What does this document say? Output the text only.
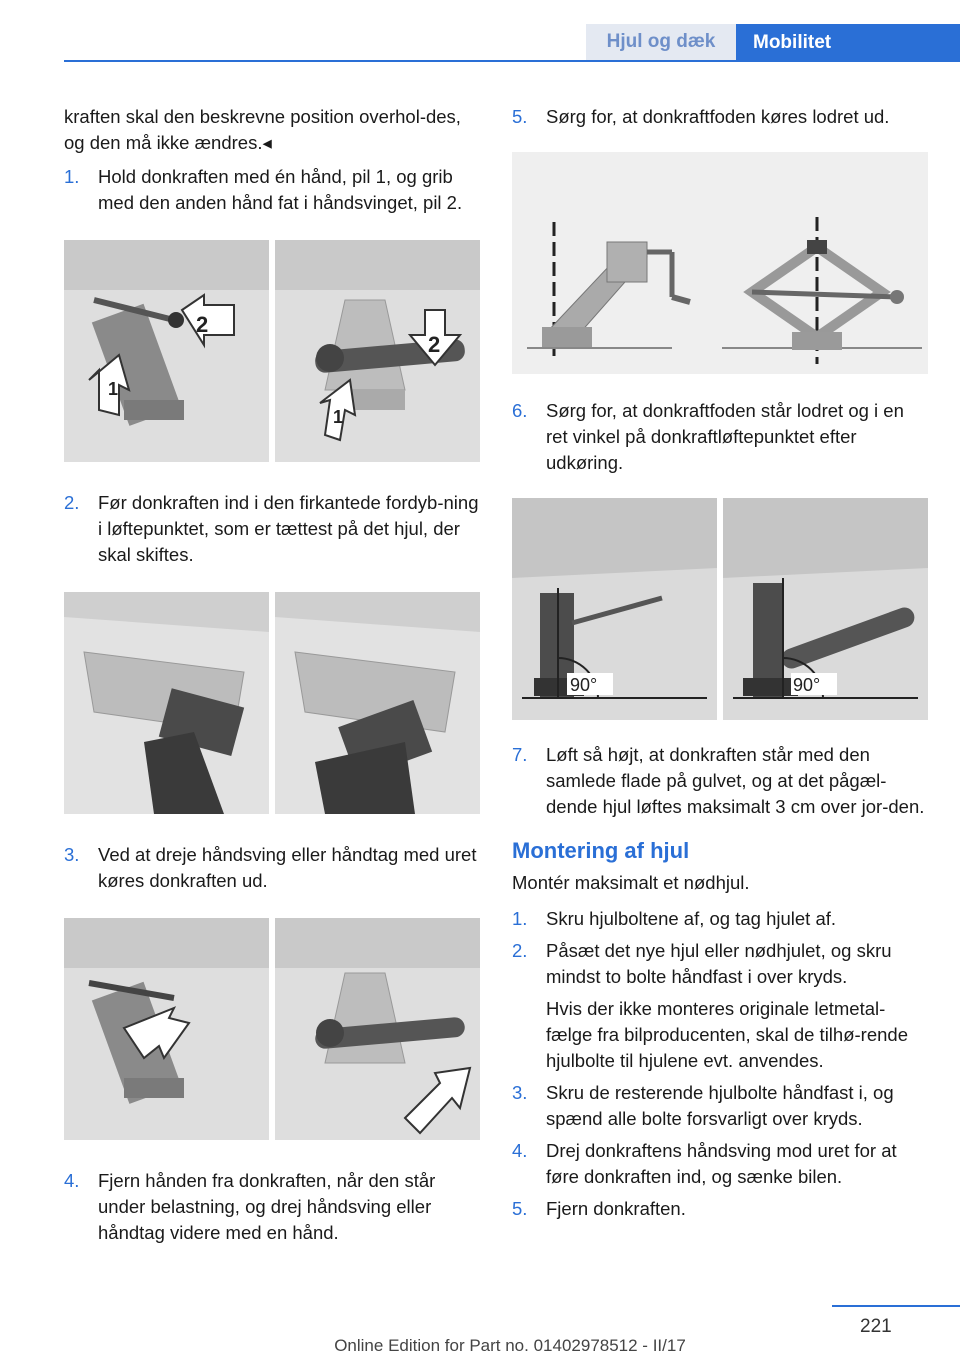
Hjul og dæk	Mobilitet

kraften skal den beskrevne position overhol-des, og den må ikke ændres.◂

1.	Hold donkraften med én hånd, pil 1, og grib med den anden hånd fat i håndsvinget, pil 2.
2
1
2
1
2.	Før donkraften ind i den firkantede fordyb-ning i løftepunktet, som er tættest på det hjul, der skal skiftes.
3.	Ved at dreje håndsving eller håndtag med uret køres donkraften ud.
4.	Fjern hånden fra donkraften, når den står under belastning, og drej håndsving eller håndtag videre med en hånd.
5.	Sørg for, at donkraftfoden køres lodret ud.
6.	Sørg for, at donkraftfoden står lodret og i en ret vinkel på donkraftløftepunktet efter udkøring.
90°	90°
7.	Løft så højt, at donkraften står med den samlede flade på gulvet, og at det pågæl-dende hjul løftes maksimalt 3 cm over jor-den.
Montering af hjul

Montér maksimalt et nødhjul.

1.	Skru hjulboltene af, og tag hjulet af.
2.	Påsæt det nye hjul eller nødhjulet, og skru mindst to bolte håndfast i over kryds.

Hvis der ikke monteres originale letmetal-fælge fra bilproducenten, skal de tilhø-rende hjulbolte til hjulene evt. anvendes.

3.	Skru de resterende hjulbolte håndfast i, og spænd alle bolte forsvarligt over kryds.
4.	Drej donkraftens håndsving mod uret for at føre donkraften ind, og sænke bilen.
5.	Fjern donkraften.
221
Online Edition for Part no. 01402978512 - II/17
